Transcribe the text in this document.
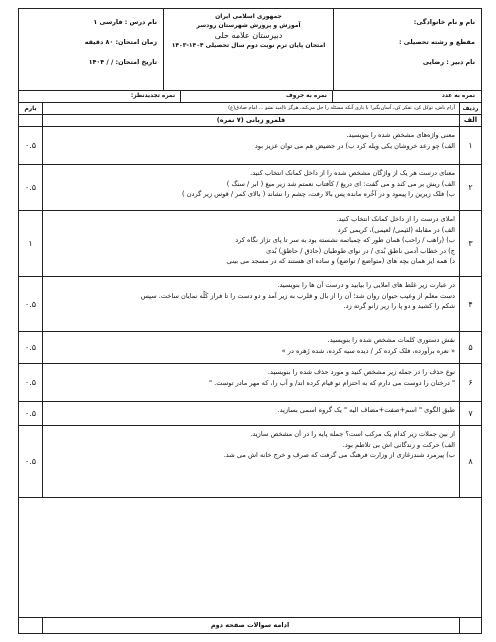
نام و نام خانوادگی:

مقطع و رشته تحصیلی :

نام دبیر : رضایی

جمهوری اسلامی ایران

آموزش و پرورش شهرستان رودسر

دبیرستان علامه حلی

امتحان پایان ترم نوبت دوم سال تحصیلی ۱۴۰۴-۱۴۰۳

نام درس : فارسی ۱

زمان امتحان: ۸۰ دقیقه

تاریخ امتحان: / / ۱۴۰۴

نمره به عدد
نمره به حروف
نمره تجدیدنظر:
ردیف
آرام باش، توکل کن، تفکر کن، آسان‌بگیر! با یاری آنکه مسئله را حل می‌کند، هرگز ناامید نشو ... امام صادق(ع)
بارم
الف
قلمرو زبانی (۷ نمره)
۱

معنی واژه‌های مشخص شده را بنویسید.

الف) چو رعد خروشان یکی ویله کرد ب) در حضیض هم می توان عزیز بود

۰.۵
۲

معنای درست هر یک از واژگان مشخص شده را از داخل کمانک انتخاب کنید.

الف) ریش بر می کند و می گفت: ای دریغ / کآفتاب نعمتم شد زیر میغ ( ابر / سنگ )

ب) فلک زیرین را پیمود و در آخُره مانده پس بالا رفت، چشم را نشاند ( بالای کمر / قوس زیر گردن )

۰.۵
۳

املای درست را از داخل کمانک انتخاب کنید.

الف) در مقابله (لئیمی/ لعیمی)، کریمی کرد

ب) (راهب / راحب) همان طور که چمباتمه نشسته بود به سر تا پای تژاز نگاه کرد

ج) در خطاب آدمی ناطق بُدی / در نوای طوطیان (حاذق / حاظق) بُدی

د) همه ایز همان بچه های (متواضع / تواضع) و ساده ای هستند که در مسجد می بینی

۱
۴

در عبارت زیر غلط های املایی را بیابید و درست آن ها را بنویسید.

دست معلم از وعیب حیوان روان شد؛ آن را از بال و قلرب به زیر آمد و دو دست را تا فراز کَلّه نمایان ساخت. سپس

شکم را کشید و دو پا را زیر زانو گرته زد.

۰.۵
۵

نقش دستوری کلمات مشخص شده را بنویسید.

« نعره برآورده، فلک کرده کر / دیده سیه کرده، شده زَهره در »

۰.۵
۶

نوع حذف را در جمله زیر مشخص کنید و مورد حذف شده را بنویسید.

" درختان را دوست می دارم که به احترام تو قیام کرده اند/ و آب را، که مهر مادر توست. "

۰.۵
۷

طبق الگوی " اسم+صفت+مضاف الیه " یک گروه اسمی بسازید.

۰.۵
۸

از بین جملات زیر کدام یک مرکب است؟ جمله پایه را در آن مشخص سازید.

الف) حرکت و زندگانی اش بی تلاطم بود.

ب) پیرمرد شندرغازی از وزارت فرهنگ می گرفت که صرف و خرج خانه اش می شد.

۰.۵
ادامه سوالات صفحه دوم
